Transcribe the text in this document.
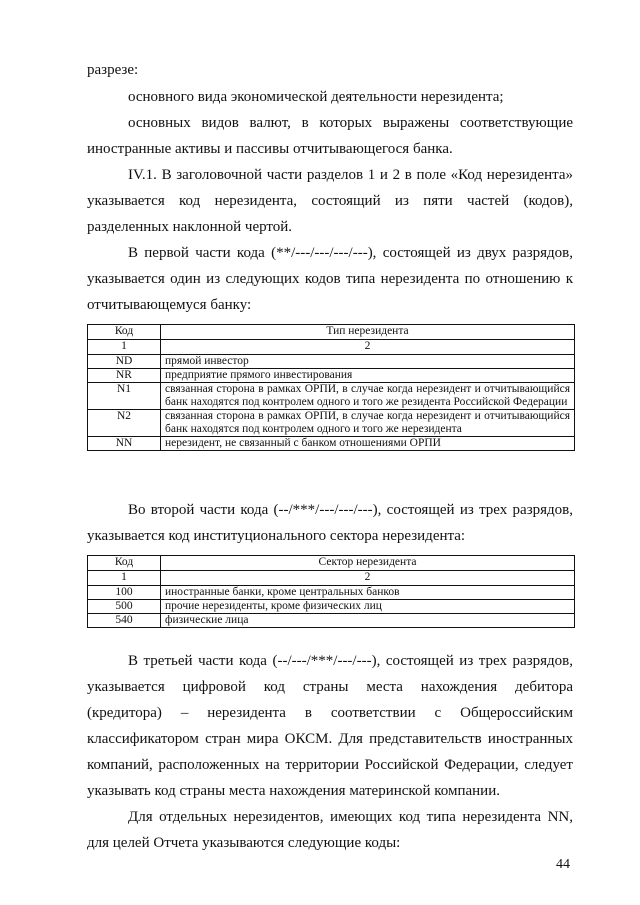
разрезе:
основного вида экономической деятельности нерезидента;
основных видов валют, в которых выражены соответствующие
иностранные активы и пассивы отчитывающегося банка.
IV.1. В заголовочной части разделов 1 и 2 в поле «Код нерезидента»
указывается код нерезидента, состоящий из пяти частей (кодов),
разделенных наклонной чертой.
В первой части кода (**/---/---/---/---), состоящей из двух разрядов,
указывается один из следующих кодов типа нерезидента по отношению к
отчитывающемуся банку:
Код	Тип нерезидента
1	2
ND	прямой инвестор
NR	предприятие прямого инвестирования
N1	связанная сторона в рамках ОРПИ, в случае когда нерезидент и отчитывающийся банк находятся под контролем одного и того же резидента Российской Федерации
N2	связанная сторона в рамках ОРПИ, в случае когда нерезидент и отчитывающийся банк находятся под контролем одного и того же нерезидента
NN	нерезидент, не связанный с банком отношениями ОРПИ
Во второй части кода (--/***/---/---/---), состоящей из трех разрядов,
указывается код институционального сектора нерезидента:
Код	Сектор нерезидента
1	2
100	иностранные банки, кроме центральных банков
500	прочие нерезиденты, кроме физических лиц
540	физические лица
В третьей части кода (--/---/***/---/---), состоящей из трех разрядов,
указывается цифровой код страны места нахождения дебитора
(кредитора) – нерезидента в соответствии с Общероссийским
классификатором стран мира ОКСМ. Для представительств иностранных
компаний, расположенных на территории Российской Федерации, следует
указывать код страны места нахождения материнской компании.
Для отдельных нерезидентов, имеющих код типа нерезидента NN,
для целей Отчета указываются следующие коды:
44
